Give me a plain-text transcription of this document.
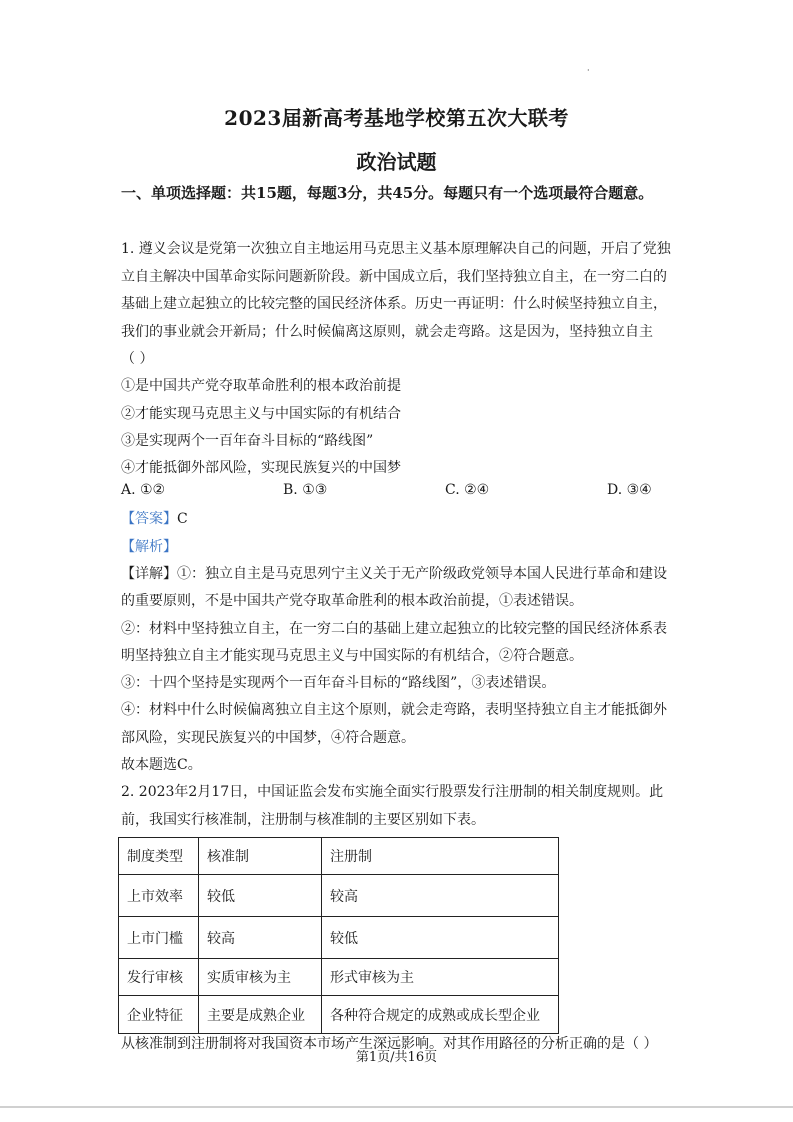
·
2023届新高考基地学校第五次大联考
政治试题
一、单项选择题：共15题，每题3分，共45分。每题只有一个选项最符合题意。
1. 遵义会议是党第一次独立自主地运用马克思主义基本原理解决自己的问题，开启了党独
立自主解决中国革命实际问题新阶段。新中国成立后，我们坚持独立自主，在一穷二白的
基础上建立起独立的比较完整的国民经济体系。历史一再证明：什么时候坚持独立自主，
我们的事业就会开新局；什么时候偏离这原则，就会走弯路。这是因为，坚持独立自主
（ ）
①是中国共产党夺取革命胜利的根本政治前提
②才能实现马克思主义与中国实际的有机结合
③是实现两个一百年奋斗目标的“路线图”
④才能抵御外部风险，实现民族复兴的中国梦
A. ①②	B. ①③	C. ②④	D. ③④
【答案】C
【解析】
【详解】①：独立自主是马克思列宁主义关于无产阶级政党领导本国人民进行革命和建设
的重要原则，不是中国共产党夺取革命胜利的根本政治前提，①表述错误。
②：材料中坚持独立自主，在一穷二白的基础上建立起独立的比较完整的国民经济体系表
明坚持独立自主才能实现马克思主义与中国实际的有机结合，②符合题意。
③：十四个坚持是实现两个一百年奋斗目标的“路线图”，③表述错误。
④：材料中什么时候偏离独立自主这个原则，就会走弯路，表明坚持独立自主才能抵御外
部风险，实现民族复兴的中国梦，④符合题意。
故本题选C。
2. 2023年2月17日，中国证监会发布实施全面实行股票发行注册制的相关制度规则。此
前，我国实行核准制，注册制与核准制的主要区别如下表。
制度类型	核准制	注册制
上市效率	较低	较高
上市门槛	较高	较低
发行审核	实质审核为主	形式审核为主
企业特征	主要是成熟企业	各种符合规定的成熟或成长型企业
从核准制到注册制将对我国资本市场产生深远影响。对其作用路径的分析正确的是（ ）
第1页/共16页
